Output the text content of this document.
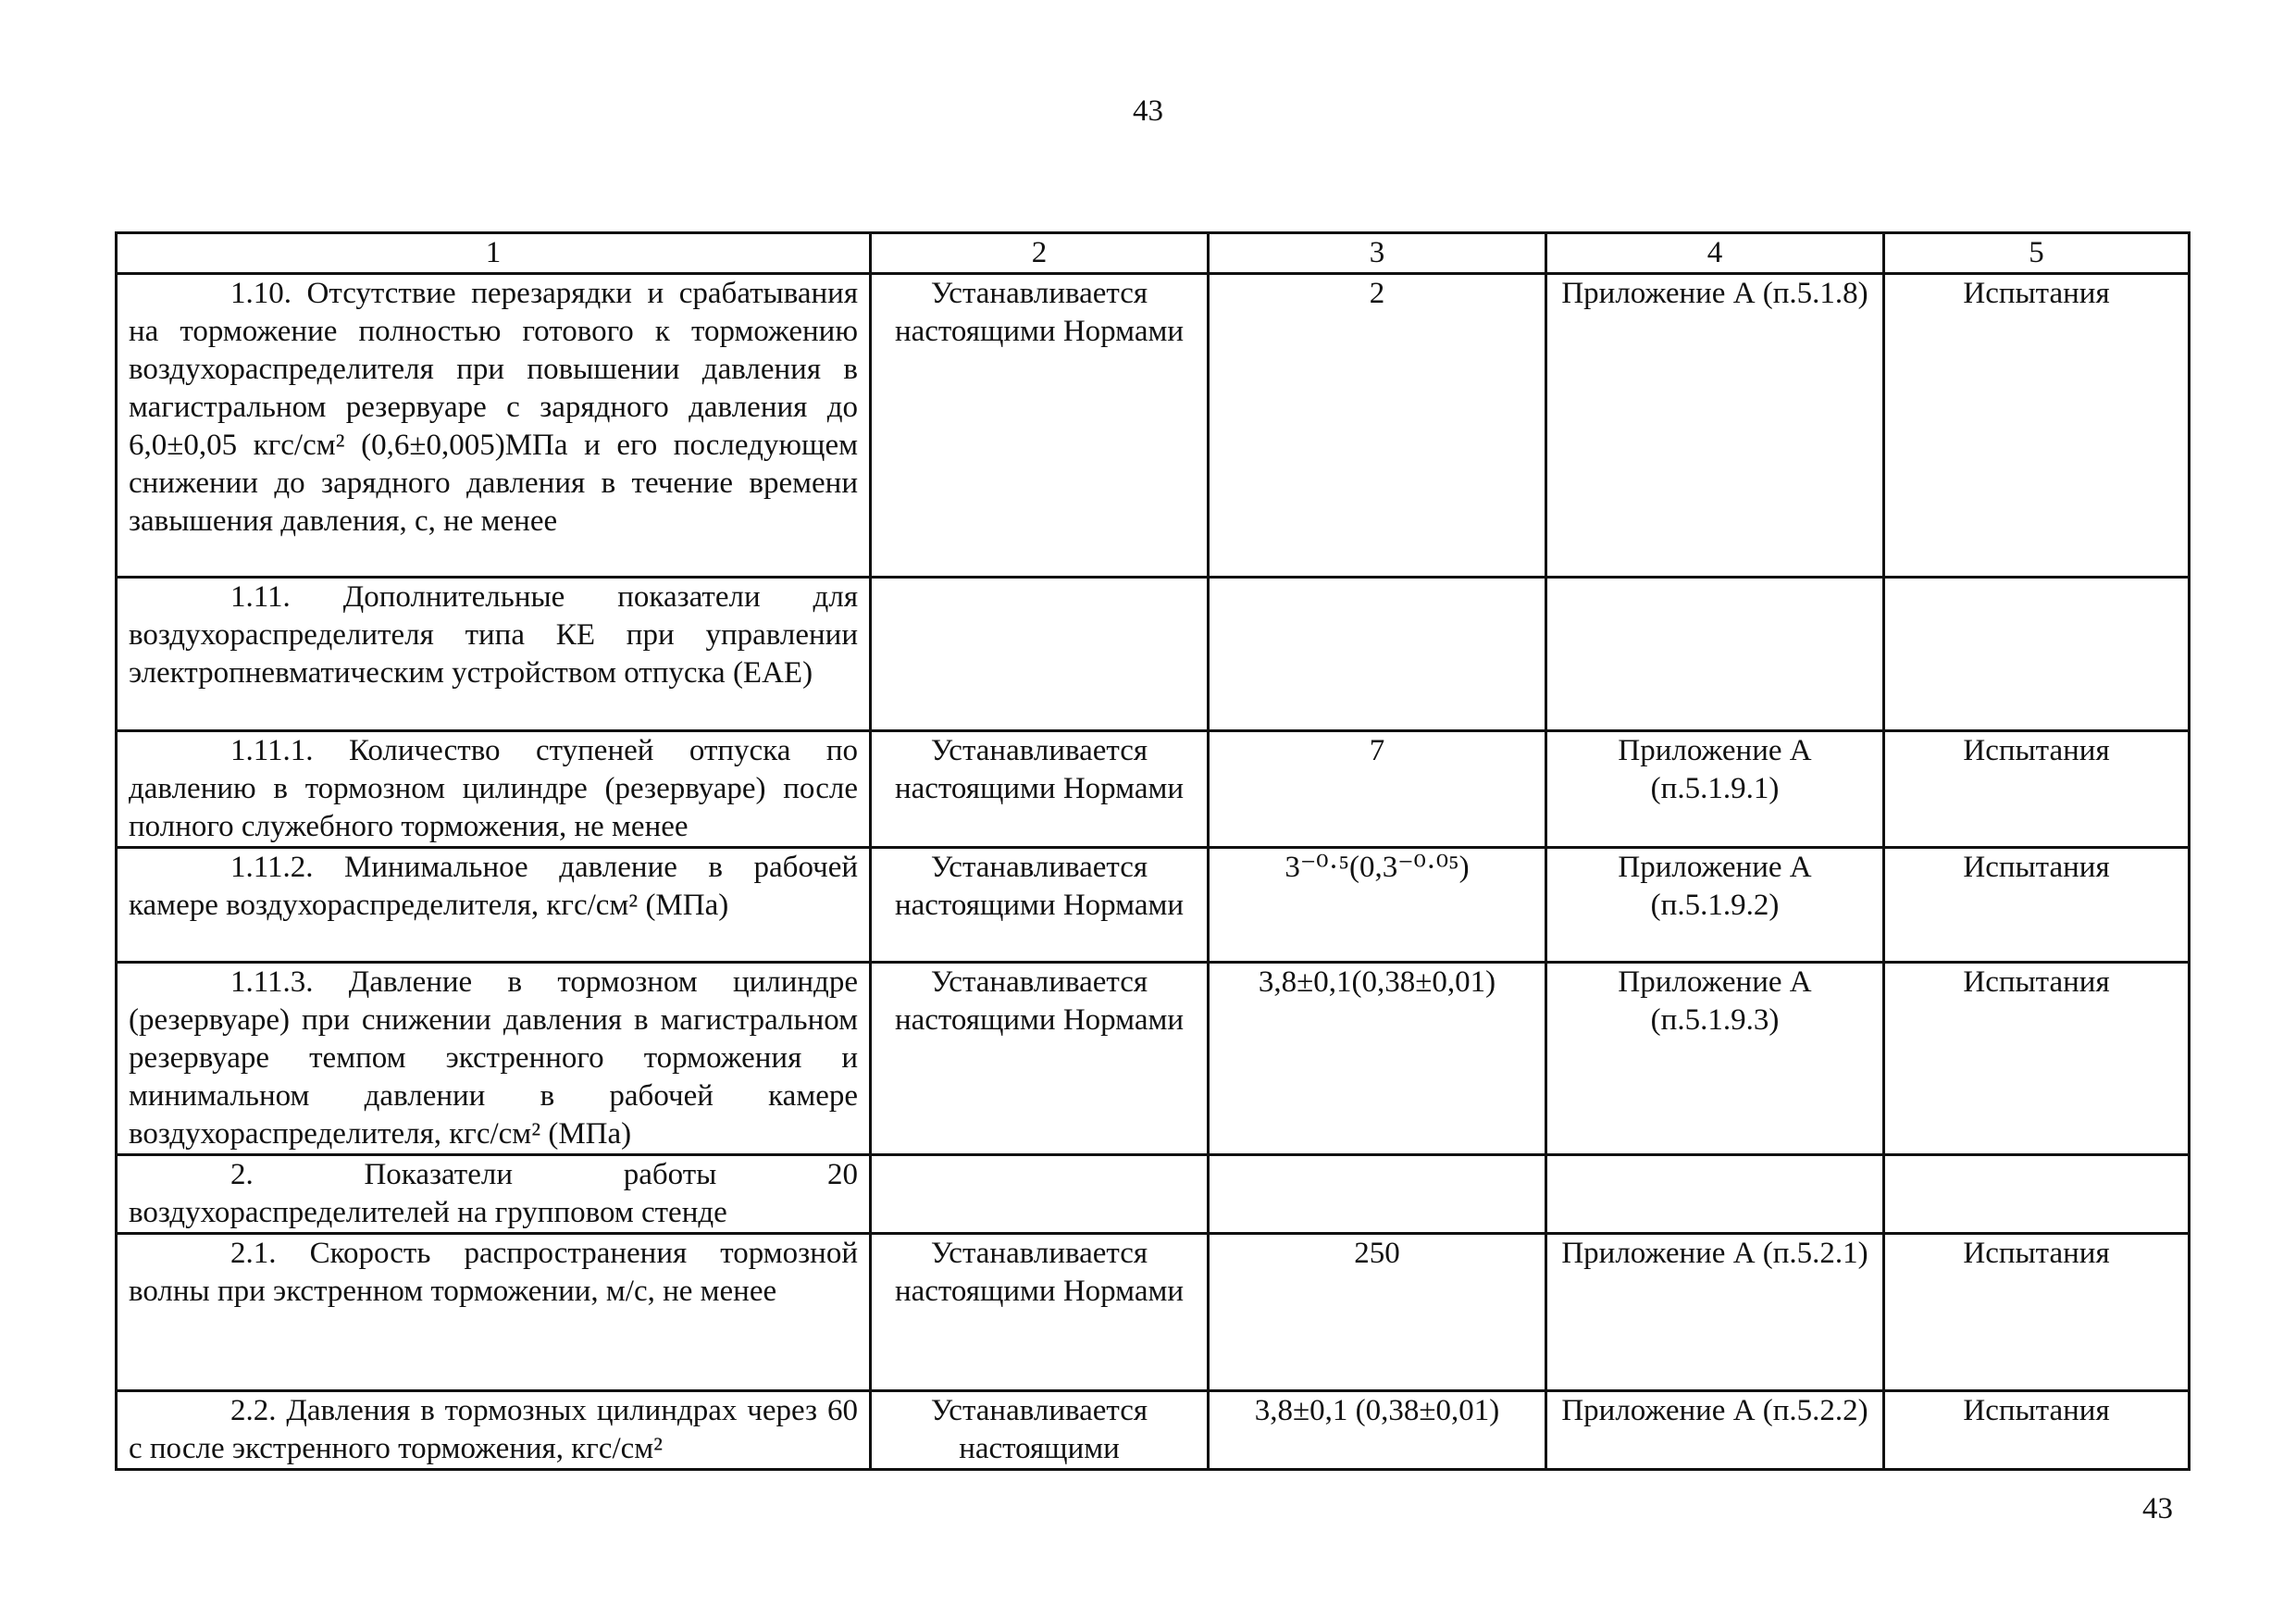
43
1	2	3	4	5
1.10. Отсутствие перезарядки и срабатывания на торможение полностью готового к торможению воздухораспределителя при повышении давления в магистральном резервуаре с зарядного давления до 6,0±0,05 кгс/см² (0,6±0,005)МПа и его последующем снижении до зарядного давления в течение времени завышения давления, с, не менее	Устанавливается настоящими Нормами	2	Приложение А (п.5.1.8)	Испытания
1.11. Дополнительные показатели для воздухораспределителя типа КЕ при управлении электропневматическим устройством отпуска (ЕАЕ)				
1.11.1. Количество ступеней отпуска по давлению в тормозном цилиндре (резервуаре) после полного служебного торможения, не менее	Устанавливается настоящими Нормами	7	Приложение А (п.5.1.9.1)	Испытания
1.11.2. Минимальное давление в рабочей камере воздухораспределителя, кгс/см² (МПа)	Устанавливается настоящими Нормами	3⁻⁰·⁵(0,3⁻⁰·⁰⁵)	Приложение А (п.5.1.9.2)	Испытания
1.11.3. Давление в тормозном цилиндре (резервуаре) при снижении давления в магистральном резервуаре темпом экстренного торможения и минимальном давлении в рабочей камере воздухораспределителя, кгс/см² (МПа)	Устанавливается настоящими Нормами	3,8±0,1(0,38±0,01)	Приложение А (п.5.1.9.3)	Испытания
2. Показатели работы 20 воздухораспределителей на групповом стенде				
2.1. Скорость распространения тормозной волны при экстренном торможении, м/с, не менее	Устанавливается настоящими Нормами	250	Приложение А (п.5.2.1)	Испытания
2.2. Давления в тормозных цилиндрах через 60 с после экстренного торможения, кгс/см²	Устанавливается настоящими	3,8±0,1 (0,38±0,01)	Приложение А (п.5.2.2)	Испытания
43
